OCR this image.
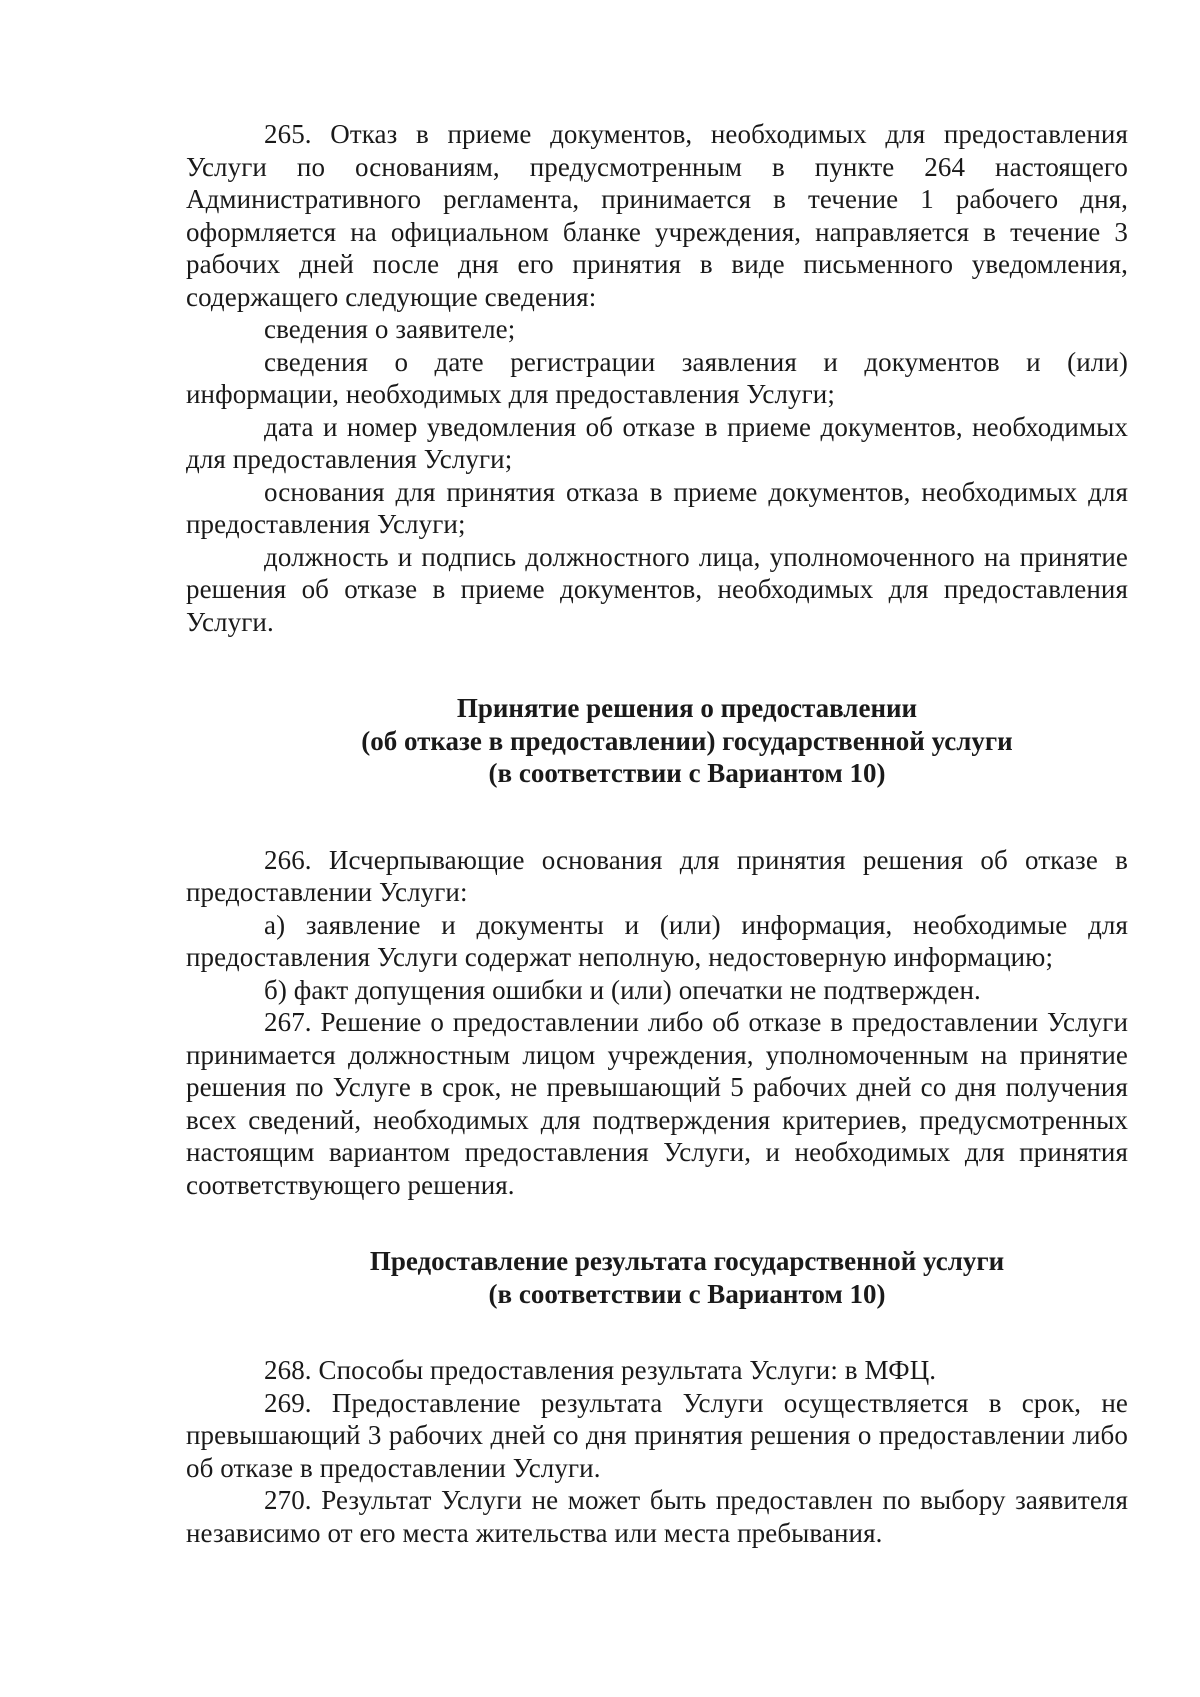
265. Отказ в приеме документов, необходимых для предоставления Услуги по основаниям, предусмотренным в пункте 264 настоящего Административного регламента, принимается в течение 1 рабочего дня, оформляется на официальном бланке учреждения, направляется в течение 3 рабочих дней после дня его принятия в виде письменного уведомления, содержащего следующие сведения:

сведения о заявителе;

сведения о дате регистрации заявления и документов и (или) информации, необходимых для предоставления Услуги;

дата и номер уведомления об отказе в приеме документов, необходимых для предоставления Услуги;

основания для принятия отказа в приеме документов, необходимых для предоставления Услуги;

должность и подпись должностного лица, уполномоченного на принятие решения об отказе в приеме документов, необходимых для предоставления Услуги.

Принятие решения о предоставлении
(об отказе в предоставлении) государственной услуги
(в соответствии с Вариантом 10)

266. Исчерпывающие основания для принятия решения об отказе в предоставлении Услуги:

а) заявление и документы и (или) информация, необходимые для предоставления Услуги содержат неполную, недостоверную информацию;

б) факт допущения ошибки и (или) опечатки не подтвержден.

267. Решение о предоставлении либо об отказе в предоставлении Услуги принимается должностным лицом учреждения, уполномоченным на принятие решения по Услуге в срок, не превышающий 5 рабочих дней со дня получения всех сведений, необходимых для подтверждения критериев, предусмотренных настоящим вариантом предоставления Услуги, и необходимых для принятия соответствующего решения.

Предоставление результата государственной услуги
(в соответствии с Вариантом 10)

268. Способы предоставления результата Услуги: в МФЦ.

269. Предоставление результата Услуги осуществляется в срок, не превышающий 3 рабочих дней со дня принятия решения о предоставлении либо об отказе в предоставлении Услуги.

270. Результат Услуги не может быть предоставлен по выбору заявителя независимо от его места жительства или места пребывания.
